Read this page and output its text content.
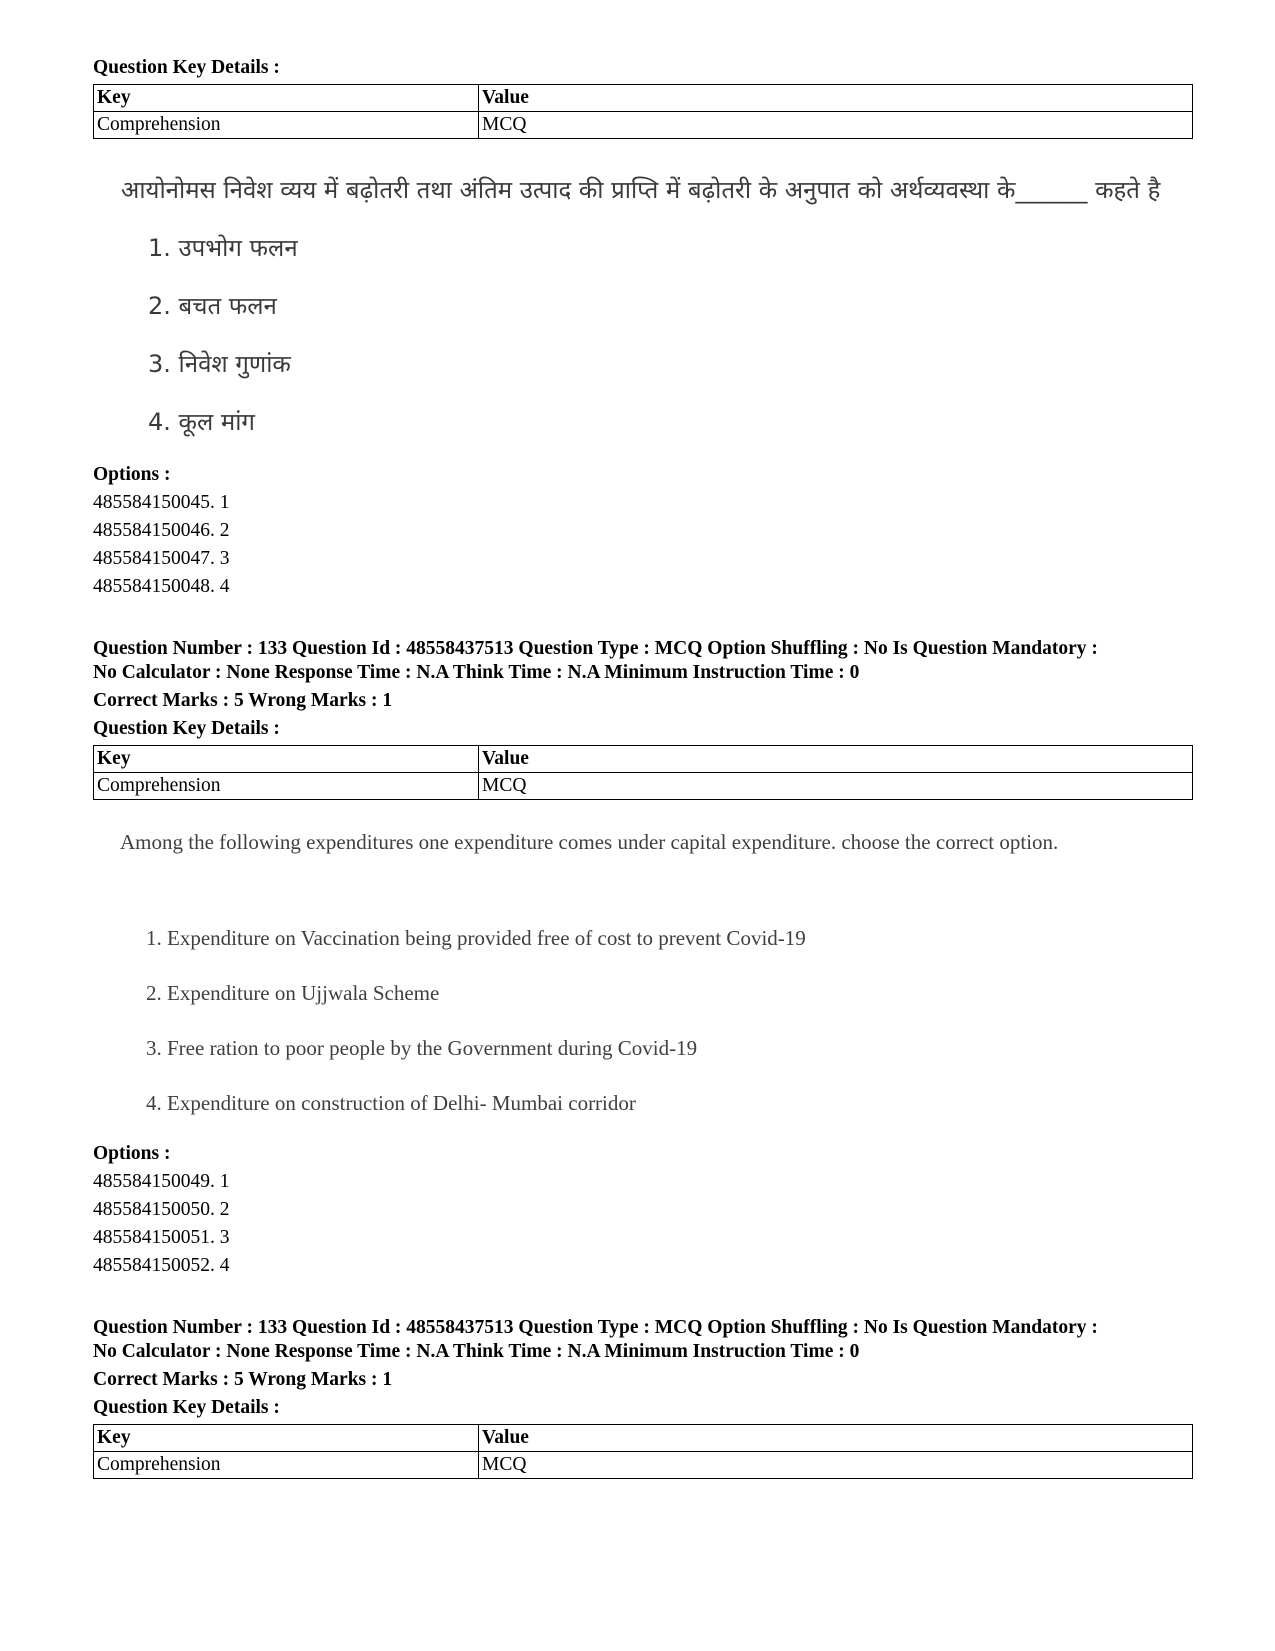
Question Key Details :
Key	Value
Comprehension	MCQ
आयोनोमस निवेश व्यय में बढ़ोतरी तथा अंतिम उत्पाद की प्राप्ति में बढ़ोतरी के अनुपात को अर्थव्यवस्था के______ कहते है
1. उपभोग फलन
2. बचत फलन
3. निवेश गुणांक
4. कूल मांग
Options :
485584150045. 1
485584150046. 2
485584150047. 3
485584150048. 4
Question Number : 133 Question Id : 48558437513 Question Type : MCQ Option Shuffling : No Is Question Mandatory :
No Calculator : None Response Time : N.A Think Time : N.A Minimum Instruction Time : 0
Correct Marks : 5 Wrong Marks : 1
Question Key Details :
Key	Value
Comprehension	MCQ
Among the following expenditures one expenditure comes under capital expenditure. choose the correct option.
1. Expenditure on Vaccination being provided free of cost to prevent Covid-19
2. Expenditure on Ujjwala Scheme
3. Free ration to poor people by the Government during Covid-19
4. Expenditure on construction of Delhi- Mumbai corridor
Options :
485584150049. 1
485584150050. 2
485584150051. 3
485584150052. 4
Question Number : 133 Question Id : 48558437513 Question Type : MCQ Option Shuffling : No Is Question Mandatory :
No Calculator : None Response Time : N.A Think Time : N.A Minimum Instruction Time : 0
Correct Marks : 5 Wrong Marks : 1
Question Key Details :
Key	Value
Comprehension	MCQ
